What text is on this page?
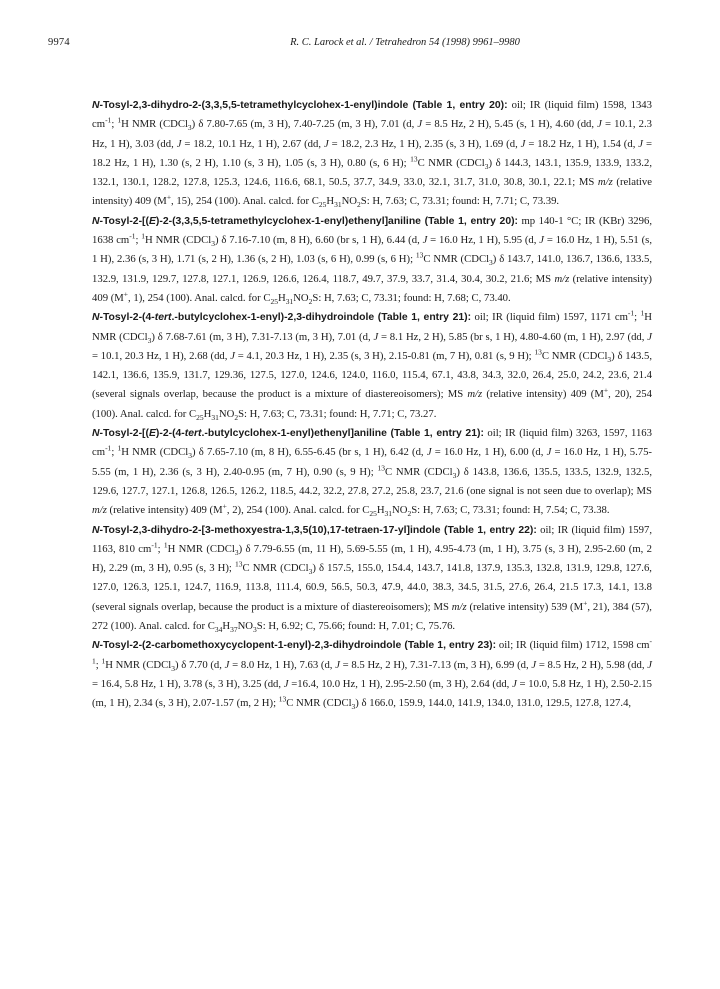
9974	R. C. Larock et al. / Tetrahedron 54 (1998) 9961–9980

N-Tosyl-2,3-dihydro-2-(3,3,5,5-tetramethylcyclohex-1-enyl)indole (Table 1, entry 20): oil; IR (liquid film) 1598, 1343 $cm^{-1}$; $^1$H NMR (CDCl$_3$) δ 7.80-7.65 (m, 3 H), 7.40-7.25 (m, 3 H), 7.01 (d, J = 8.5 Hz, 2 H), 5.45 (s, 1 H), 4.60 (dd, J = 10.1, 2.3 Hz, 1 H), 3.03 (dd, J = 18.2, 10.1 Hz, 1 H), 2.67 (dd, J = 18.2, 2.3 Hz, 1 H), 2.35 (s, 3 H), 1.69 (d, J = 18.2 Hz, 1 H), 1.54 (d, J = 18.2 Hz, 1 H), 1.30 (s, 2 H), 1.10 (s, 3 H), 1.05 (s, 3 H), 0.80 (s, 6 H); $^{13}$C NMR (CDCl$_3$) δ 144.3, 143.1, 135.9, 133.9, 133.2, 132.1, 130.1, 128.2, 127.8, 125.3, 124.6, 116.6, 68.1, 50.5, 37.7, 34.9, 33.0, 32.1, 31.7, 31.0, 30.8, 30.1, 22.1; MS m/z (relative intensity) 409 (M+, 15), 254 (100). Anal. calcd. for $C_{25}H_{31}NO_2S$: H, 7.63; C, 73.31; found: H, 7.71; C, 73.39.

N-Tosyl-2-[(E)-2-(3,3,5,5-tetramethylcyclohex-1-enyl)ethenyl]aniline (Table 1, entry 20): mp 140-1 °C; IR (KBr) 3296, 1638 $cm^{-1}$; $^1$H NMR (CDCl$_3$) δ 7.16-7.10 (m, 8 H), 6.60 (br s, 1 H), 6.44 (d, J = 16.0 Hz, 1 H), 5.95 (d, J = 16.0 Hz, 1 H), 5.51 (s, 1 H), 2.36 (s, 3 H), 1.71 (s, 2 H), 1.36 (s, 2 H), 1.03 (s, 6 H), 0.99 (s, 6 H); $^{13}$C NMR (CDCl$_3$) δ 143.7, 141.0, 136.7, 136.6, 133.5, 132.9, 131.9, 129.7, 127.8, 127.1, 126.9, 126.6, 126.4, 118.7, 49.7, 37.9, 33.7, 31.4, 30.4, 30.2, 21.6; MS m/z (relative intensity) 409 (M+, 1), 254 (100). Anal. calcd. for $C_{25}H_{31}NO_2S$: H, 7.63; C, 73.31; found: H, 7.68; C, 73.40.

N-Tosyl-2-(4-tert.-butylcyclohex-1-enyl)-2,3-dihydroindole (Table 1, entry 21): oil; IR (liquid film) 1597, 1171 $cm^{-1}$; $^1$H NMR (CDCl$_3$) δ 7.68-7.61 (m, 3 H), 7.31-7.13 (m, 3 H), 7.01 (d, J = 8.1 Hz, 2 H), 5.85 (br s, 1 H), 4.80-4.60 (m, 1 H), 2.97 (dd, J = 10.1, 20.3 Hz, 1 H), 2.68 (dd, J = 4.1, 20.3 Hz, 1 H), 2.35 (s, 3 H), 2.15-0.81 (m, 7 H), 0.81 (s, 9 H); $^{13}$C NMR (CDCl$_3$) δ 143.5, 142.1, 136.6, 135.9, 131.7, 129.36, 127.5, 127.0, 124.6, 124.0, 116.0, 115.4, 67.1, 43.8, 34.3, 32.0, 26.4, 25.0, 24.2, 23.6, 21.4 (several signals overlap, because the product is a mixture of diastereoisomers); MS m/z (relative intensity) 409 (M+, 20), 254 (100). Anal. calcd. for $C_{25}H_{31}NO_2S$: H, 7.63; C, 73.31; found: H, 7.71; C, 73.27.

N-Tosyl-2-[(E)-2-(4-tert.-butylcyclohex-1-enyl)ethenyl]aniline (Table 1, entry 21): oil; IR (liquid film) 3263, 1597, 1163 $cm^{-1}$; $^1$H NMR (CDCl$_3$) δ 7.65-7.10 (m, 8 H), 6.55-6.45 (br s, 1 H), 6.42 (d, J = 16.0 Hz, 1 H), 6.00 (d, J = 16.0 Hz, 1 H), 5.75-5.55 (m, 1 H), 2.36 (s, 3 H), 2.40-0.95 (m, 7 H), 0.90 (s, 9 H); $^{13}$C NMR (CDCl$_3$) δ 143.8, 136.6, 135.5, 133.5, 132.9, 132.5, 129.6, 127.7, 127.1, 126.8, 126.5, 126.2, 118.5, 44.2, 32.2, 27.8, 27.2, 25.8, 23.7, 21.6 (one signal is not seen due to overlap); MS m/z (relative intensity) 409 (M+, 2), 254 (100). Anal. calcd. for $C_{25}H_{31}NO_2S$: H, 7.63; C, 73.31; found: H, 7.54; C, 73.38.

N-Tosyl-2,3-dihydro-2-[3-methoxyestra-1,3,5(10),17-tetraen-17-yl]indole (Table 1, entry 22): oil; IR (liquid film) 1597, 1163, 810 $cm^{-1}$; $^1$H NMR (CDCl$_3$) δ 7.79-6.55 (m, 11 H), 5.69-5.55 (m, 1 H), 4.95-4.73 (m, 1 H), 3.75 (s, 3 H), 2.95-2.60 (m, 2 H), 2.29 (m, 3 H), 0.95 (s, 3 H); $^{13}$C NMR (CDCl$_3$) δ 157.5, 155.0, 154.4, 143.7, 141.8, 137.9, 135.3, 132.8, 131.9, 129.8, 127.6, 127.0, 126.3, 125.1, 124.7, 116.9, 113.8, 111.4, 60.9, 56.5, 50.3, 47.9, 44.0, 38.3, 34.5, 31.5, 27.6, 26.4, 21.5 17.3, 14.1, 13.8 (several signals overlap, because the product is a mixture of diastereoisomers); MS m/z (relative intensity) 539 (M+, 21), 384 (57), 272 (100). Anal. calcd. for $C_{34}H_{37}NO_3S$: H, 6.92; C, 75.66; found: H, 7.01; C, 75.76.

N-Tosyl-2-(2-carbomethoxycyclopent-1-enyl)-2,3-dihydroindole (Table 1, entry 23): oil; IR (liquid film) 1712, 1598 $cm^{-1}$; $^1$H NMR (CDCl$_3$) δ 7.70 (d, J = 8.0 Hz, 1 H), 7.63 (d, J = 8.5 Hz, 2 H), 7.31-7.13 (m, 3 H), 6.99 (d, J = 8.5 Hz, 2 H), 5.98 (dd, J = 16.4, 5.8 Hz, 1 H), 3.78 (s, 3 H), 3.25 (dd, J =16.4, 10.0 Hz, 1 H), 2.95-2.50 (m, 3 H), 2.64 (dd, J = 10.0, 5.8 Hz, 1 H), 2.50-2.15 (m, 1 H), 2.34 (s, 3 H), 2.07-1.57 (m, 2 H); $^{13}$C NMR (CDCl$_3$) δ 166.0, 159.9, 144.0, 141.9, 134.0, 131.0, 129.5, 127.8, 127.4,
